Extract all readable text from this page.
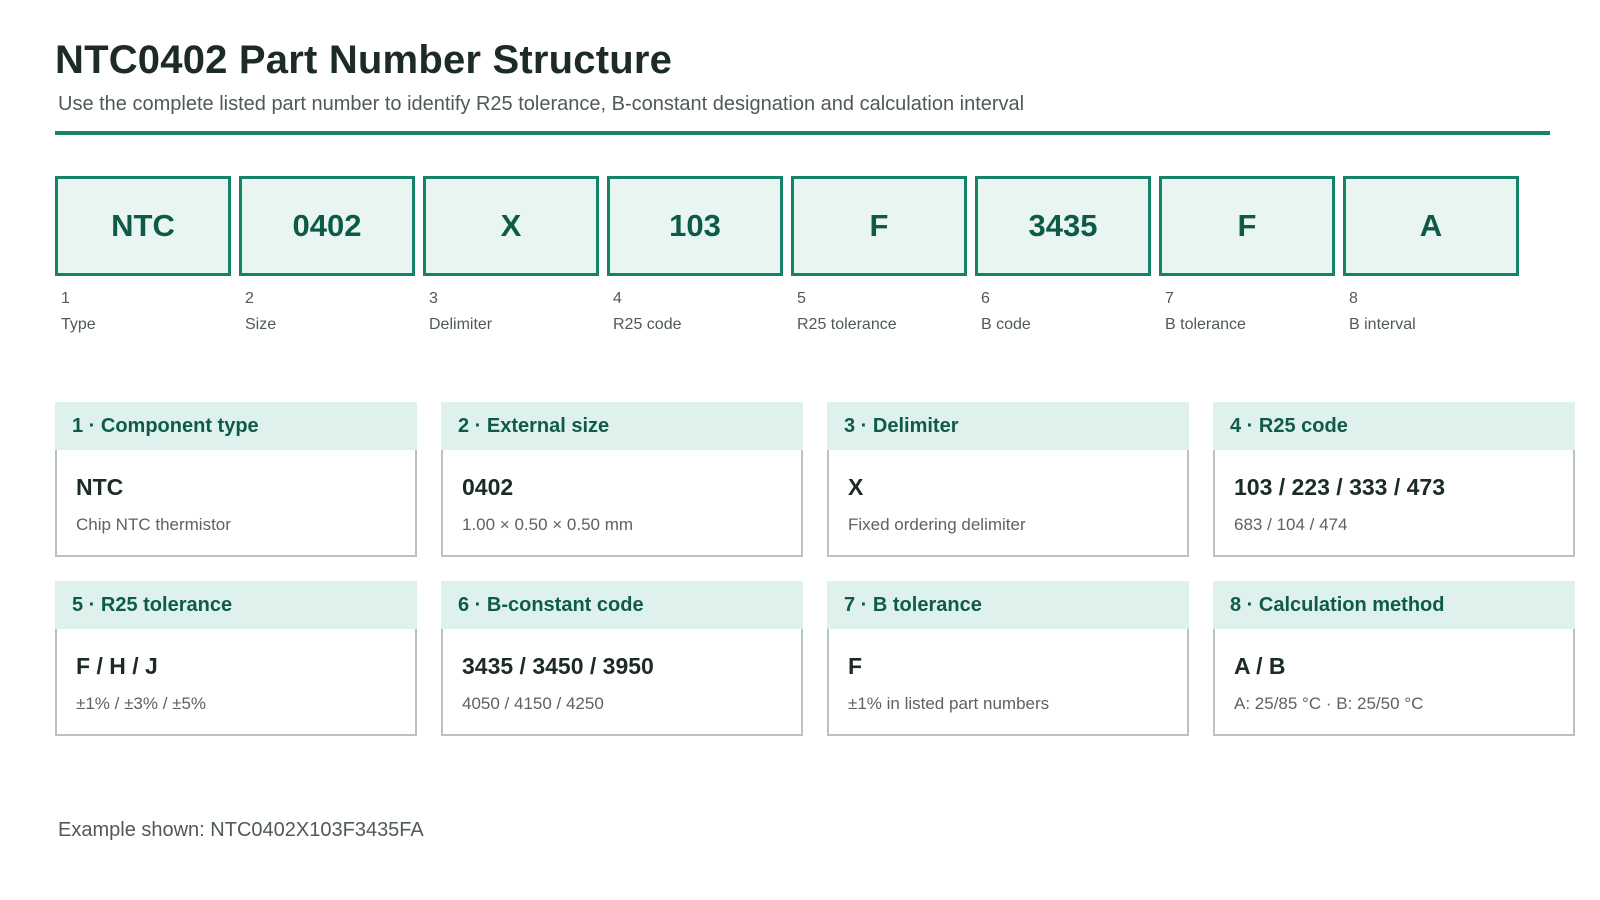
NTC0402 Part Number Structure
Use the complete listed part number to identify R25 tolerance, B-constant designation and calculation interval
NTC
1
Type
0402
2
Size
X
3
Delimiter
103
4
R25 code
F
5
R25 tolerance
3435
6
B code
F
7
B tolerance
A
8
B interval
1 · Component type
NTC
Chip NTC thermistor
2 · External size
0402
1.00 × 0.50 × 0.50 mm
3 · Delimiter
X
Fixed ordering delimiter
4 · R25 code
103 / 223 / 333 / 473
683 / 104 / 474
5 · R25 tolerance
F / H / J
±1% / ±3% / ±5%
6 · B-constant code
3435 / 3450 / 3950
4050 / 4150 / 4250
7 · B tolerance
F
±1% in listed part numbers
8 · Calculation method
A / B
A: 25/85 °C · B: 25/50 °C
Example shown: NTC0402X103F3435FA
